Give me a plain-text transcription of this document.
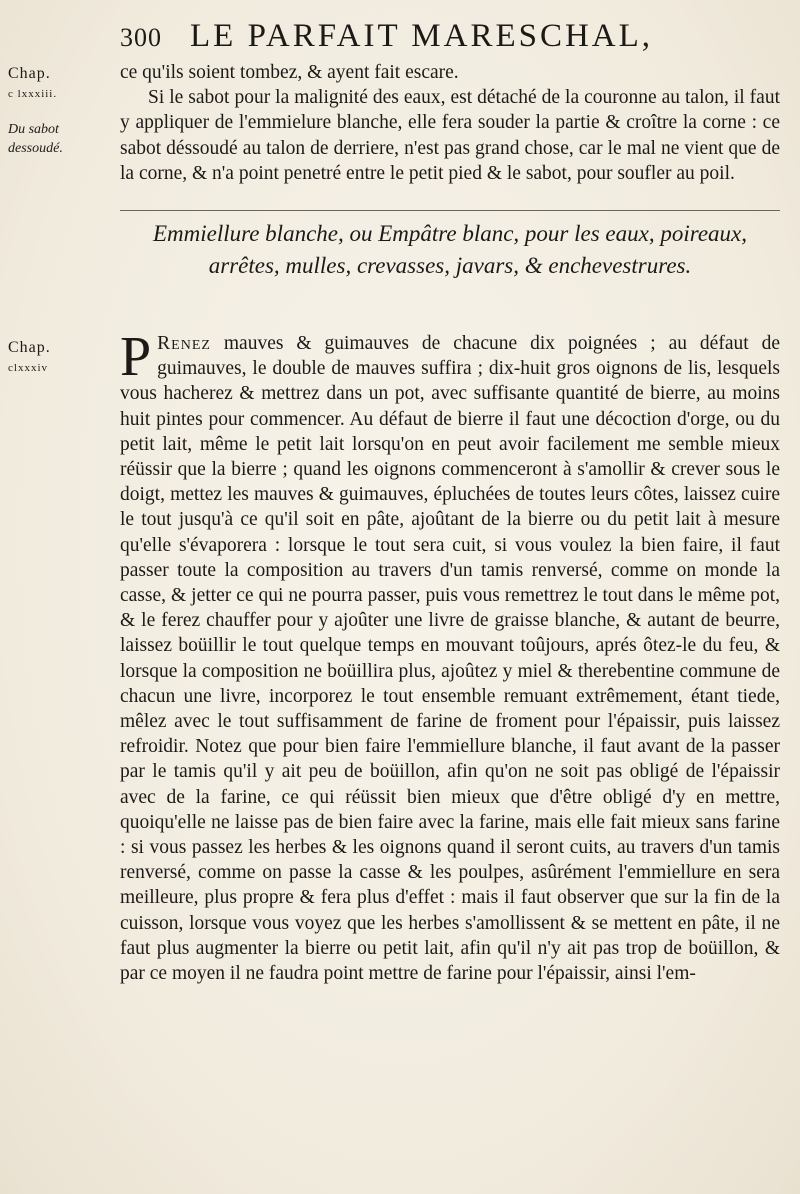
300 LE PARFAIT MARESCHAL,
Chap.
c lxxxiii.
Du sabot
dessoudé.
Chap.
clxxxiv
ce qu'ils soient tombez, & ayent fait escare.
Si le sabot pour la malignité des eaux, est détaché de la couronne au talon, il faut y appliquer de l'emmielure blanche, elle fera souder la partie & croître la corne : ce sabot déssoudé au talon de derriere, n'est pas grand chose, car le mal ne vient que de la corne, & n'a point penetré entre le petit pied & le sabot, pour soufler au poil.
Emmiellure blanche, ou Empâtre blanc, pour les eaux, poireaux,
arrêtes, mulles, crevasses, javars, & enchevestrures.
P Renez mauves & guimauves de chacune dix poignées ; au défaut de guimauves, le double de mauves suffira ; dix-huit gros oignons de lis, lesquels vous hacherez & mettrez dans un pot, avec suffisante quantité de bierre, au moins huit pintes pour commencer. Au défaut de bierre il faut une décoction d'orge, ou du petit lait, même le petit lait lorsqu'on en peut avoir facilement me semble mieux réüssir que la bierre ; quand les oignons commenceront à s'amollir & crever sous le doigt, mettez les mauves & guimauves, épluchées de toutes leurs côtes, laissez cuire le tout jusqu'à ce qu'il soit en pâte, ajoûtant de la bierre ou du petit lait à mesure qu'elle s'évaporera : lorsque le tout sera cuit, si vous voulez la bien faire, il faut passer toute la composition au travers d'un tamis renversé, comme on monde la casse, & jetter ce qui ne pourra passer, puis vous remettrez le tout dans le même pot, & le ferez chauffer pour y ajoûter une livre de graisse blanche, & autant de beurre, laissez boüillir le tout quelque temps en mouvant toûjours, aprés ôtez-le du feu, & lorsque la composition ne boüillira plus, ajoûtez y miel & therebentine commune de chacun une livre, incorporez le tout ensemble remuant extrêmement, étant tiede, mêlez avec le tout suffisamment de farine de froment pour l'épaissir, puis laissez refroidir. Notez que pour bien faire l'emmiellure blanche, il faut avant de la passer par le tamis qu'il y ait peu de boüillon, afin qu'on ne soit pas obligé de l'épaissir avec de la farine, ce qui réüssit bien mieux que d'être obligé d'y en mettre, quoiqu'elle ne laisse pas de bien faire avec la farine, mais elle fait mieux sans farine : si vous passez les herbes & les oignons quand il seront cuits, au travers d'un tamis renversé, comme on passe la casse & les poulpes, asûrément l'emmiellure en sera meilleure, plus propre & fera plus d'effet : mais il faut observer que sur la fin de la cuisson, lorsque vous voyez que les herbes s'amollissent & se mettent en pâte, il ne faut plus augmenter la bierre ou petit lait, afin qu'il n'y ait pas trop de boüillon, & par ce moyen il ne faudra point mettre de farine pour l'épaissir, ainsi l'em-
